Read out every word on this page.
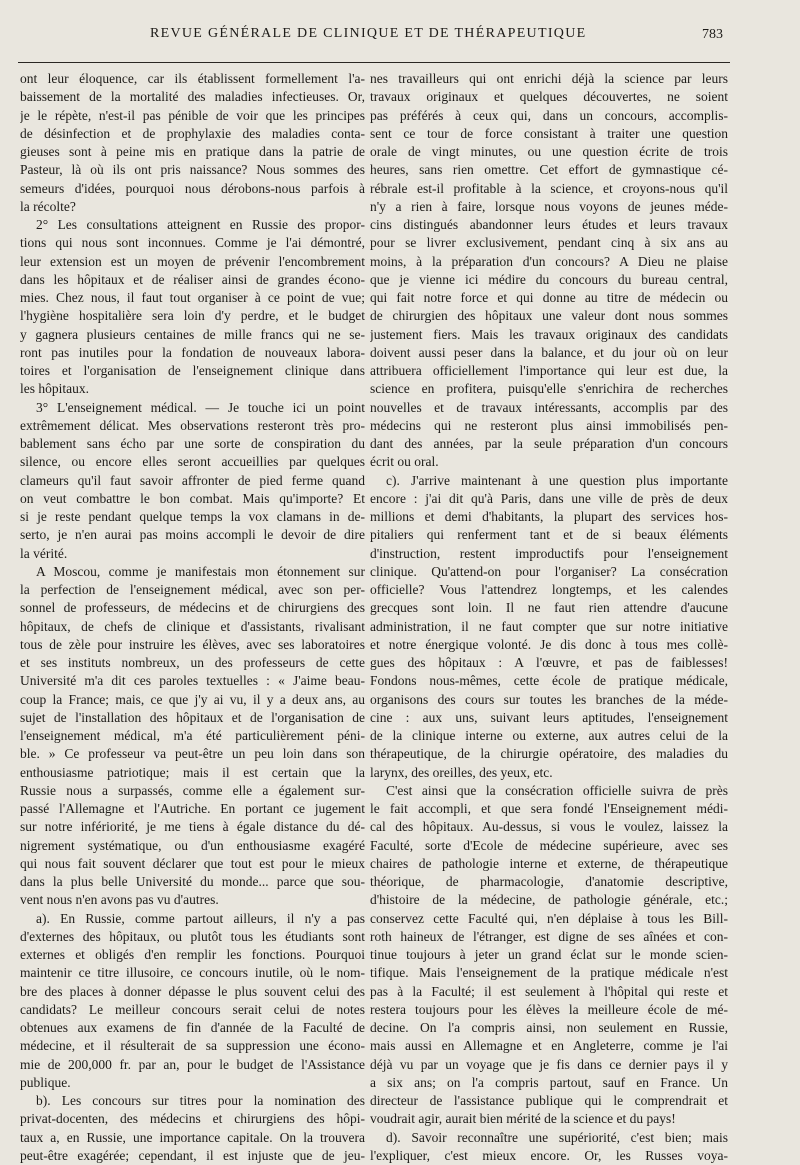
REVUE GÉNÉRALE DE CLINIQUE ET DE THÉRAPEUTIQUE	783
ont leur éloquence, car ils établissent formellement l'a-
baissement de la mortalité des maladies infectieuses. Or,
je le répète, n'est-il pas pénible de voir que les principes
de désinfection et de prophylaxie des maladies conta-
gieuses sont à peine mis en pratique dans la patrie de
Pasteur, là où ils ont pris naissance? Nous sommes des
semeurs d'idées, pourquoi nous dérobons-nous parfois à
la récolte?
2° Les consultations atteignent en Russie des propor-
tions qui nous sont inconnues. Comme je l'ai démontré,
leur extension est un moyen de prévenir l'encombrement
dans les hôpitaux et de réaliser ainsi de grandes écono-
mies. Chez nous, il faut tout organiser à ce point de vue;
l'hygiène hospitalière sera loin d'y perdre, et le budget
y gagnera plusieurs centaines de mille francs qui ne se-
ront pas inutiles pour la fondation de nouveaux labora-
toires et l'organisation de l'enseignement clinique dans
les hôpitaux.
3° L'enseignement médical. — Je touche ici un point
extrêmement délicat. Mes observations resteront très pro-
bablement sans écho par une sorte de conspiration du
silence, ou encore elles seront accueillies par quelques
clameurs qu'il faut savoir affronter de pied ferme quand
on veut combattre le bon combat. Mais qu'importe? Et
si je reste pendant quelque temps la vox clamans in de-
serto, je n'en aurai pas moins accompli le devoir de dire
la vérité.
A Moscou, comme je manifestais mon étonnement sur
la perfection de l'enseignement médical, avec son per-
sonnel de professeurs, de médecins et de chirurgiens des
hôpitaux, de chefs de clinique et d'assistants, rivalisant
tous de zèle pour instruire les élèves, avec ses laboratoires
et ses instituts nombreux, un des professeurs de cette
Université m'a dit ces paroles textuelles : « J'aime beau-
coup la France; mais, ce que j'y ai vu, il y a deux ans, au
sujet de l'installation des hôpitaux et de l'organisation de
l'enseignement médical, m'a été particulièrement péni-
ble. » Ce professeur va peut-être un peu loin dans son
enthousiasme patriotique; mais il est certain que la
Russie nous a surpassés, comme elle a également sur-
passé l'Allemagne et l'Autriche. En portant ce jugement
sur notre infériorité, je me tiens à égale distance du dé-
nigrement systématique, ou d'un enthousiasme exagéré
qui nous fait souvent déclarer que tout est pour le mieux
dans la plus belle Université du monde... parce que sou-
vent nous n'en avons pas vu d'autres.
a). En Russie, comme partout ailleurs, il n'y a pas
d'externes des hôpitaux, ou plutôt tous les étudiants sont
externes et obligés d'en remplir les fonctions. Pourquoi
maintenir ce titre illusoire, ce concours inutile, où le nom-
bre des places à donner dépasse le plus souvent celui des
candidats? Le meilleur concours serait celui de notes
obtenues aux examens de fin d'année de la Faculté de
médecine, et il résulterait de sa suppression une écono-
mie de 200,000 fr. par an, pour le budget de l'Assistance
publique.
b). Les concours sur titres pour la nomination des
privat-docenten, des médecins et chirurgiens des hôpi-
taux a, en Russie, une importance capitale. On la trouvera
peut-être exagérée; cependant, il est injuste que de jeu-
nes travailleurs qui ont enrichi déjà la science par leurs
travaux originaux et quelques découvertes, ne soient
pas préférés à ceux qui, dans un concours, accomplis-
sent ce tour de force consistant à traiter une question
orale de vingt minutes, ou une question écrite de trois
heures, sans rien omettre. Cet effort de gymnastique cé-
rébrale est-il profitable à la science, et croyons-nous qu'il
n'y a rien à faire, lorsque nous voyons de jeunes méde-
cins distingués abandonner leurs études et leurs travaux
pour se livrer exclusivement, pendant cinq à six ans au
moins, à la préparation d'un concours? A Dieu ne plaise
que je vienne ici médire du concours du bureau central,
qui fait notre force et qui donne au titre de médecin ou
de chirurgien des hôpitaux une valeur dont nous sommes
justement fiers. Mais les travaux originaux des candidats
doivent aussi peser dans la balance, et du jour où on leur
attribuera officiellement l'importance qui leur est due, la
science en profitera, puisqu'elle s'enrichira de recherches
nouvelles et de travaux intéressants, accomplis par des
médecins qui ne resteront plus ainsi immobilisés pen-
dant des années, par la seule préparation d'un concours
écrit ou oral.
c). J'arrive maintenant à une question plus importante
encore : j'ai dit qu'à Paris, dans une ville de près de deux
millions et demi d'habitants, la plupart des services hos-
pitaliers qui renferment tant et de si beaux éléments
d'instruction, restent improductifs pour l'enseignement
clinique. Qu'attend-on pour l'organiser? La consécration
officielle? Vous l'attendrez longtemps, et les calendes
grecques sont loin. Il ne faut rien attendre d'aucune
administration, il ne faut compter que sur notre initiative
et notre énergique volonté. Je dis donc à tous mes collè-
gues des hôpitaux : A l'œuvre, et pas de faiblesses!
Fondons nous-mêmes, cette école de pratique médicale,
organisons des cours sur toutes les branches de la méde-
cine : aux uns, suivant leurs aptitudes, l'enseignement
de la clinique interne ou externe, aux autres celui de la
thérapeutique, de la chirurgie opératoire, des maladies du
larynx, des oreilles, des yeux, etc.
C'est ainsi que la consécration officielle suivra de près
le fait accompli, et que sera fondé l'Enseignement médi-
cal des hôpitaux. Au-dessus, si vous le voulez, laissez la
Faculté, sorte d'Ecole de médecine supérieure, avec ses
chaires de pathologie interne et externe, de thérapeutique
théorique, de pharmacologie, d'anatomie descriptive,
d'histoire de la médecine, de pathologie générale, etc.;
conservez cette Faculté qui, n'en déplaise à tous les Bill-
roth haineux de l'étranger, est digne de ses aînées et con-
tinue toujours à jeter un grand éclat sur le monde scien-
tifique. Mais l'enseignement de la pratique médicale n'est
pas à la Faculté; il est seulement à l'hôpital qui reste et
restera toujours pour les élèves la meilleure école de mé-
decine. On l'a compris ainsi, non seulement en Russie,
mais aussi en Allemagne et en Angleterre, comme je l'ai
déjà vu par un voyage que je fis dans ce dernier pays il y
a six ans; on l'a compris partout, sauf en France. Un
directeur de l'assistance publique qui le comprendrait et
voudrait agir, aurait bien mérité de la science et du pays!
d). Savoir reconnaître une supériorité, c'est bien; mais
l'expliquer, c'est mieux encore. Or, les Russes voya-
